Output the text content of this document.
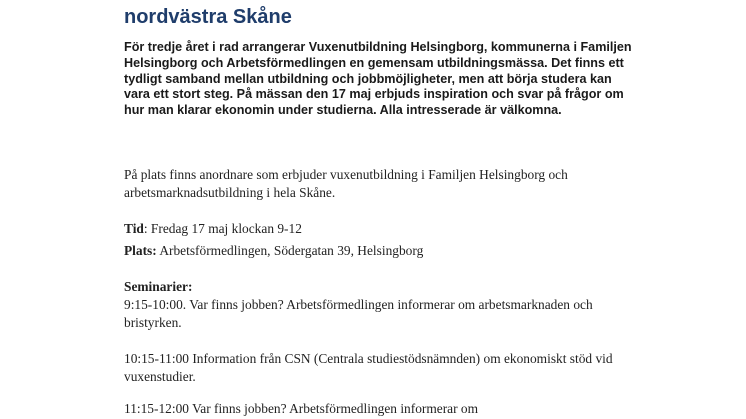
nordvästra Skåne

För tredje året i rad arrangerar Vuxenutbildning Helsingborg, kommunerna i Familjen Helsingborg och Arbetsförmedlingen en gemensam utbildningsmässa. Det finns ett tydligt samband mellan utbildning och jobbmöjligheter, men att börja studera kan vara ett stort steg. På mässan den 17 maj erbjuds inspiration och svar på frågor om hur man klarar ekonomin under studierna. Alla intresserade är välkomna.

På plats finns anordnare som erbjuder vuxenutbildning i Familjen Helsingborg och arbetsmarknadsutbildning i hela Skåne.

Tid: Fredag 17 maj klockan 9-12

Plats: Arbetsförmedlingen, Södergatan 39, Helsingborg

Seminarier:

9:15-10:00. Var finns jobben? Arbetsförmedlingen informerar om arbetsmarknaden och bristyrken.

10:15-11:00 Information från CSN (Centrala studiestödsnämnden) om ekonomiskt stöd vid vuxenstudier.

11:15-12:00 Var finns jobben? Arbetsförmedlingen informerar om
